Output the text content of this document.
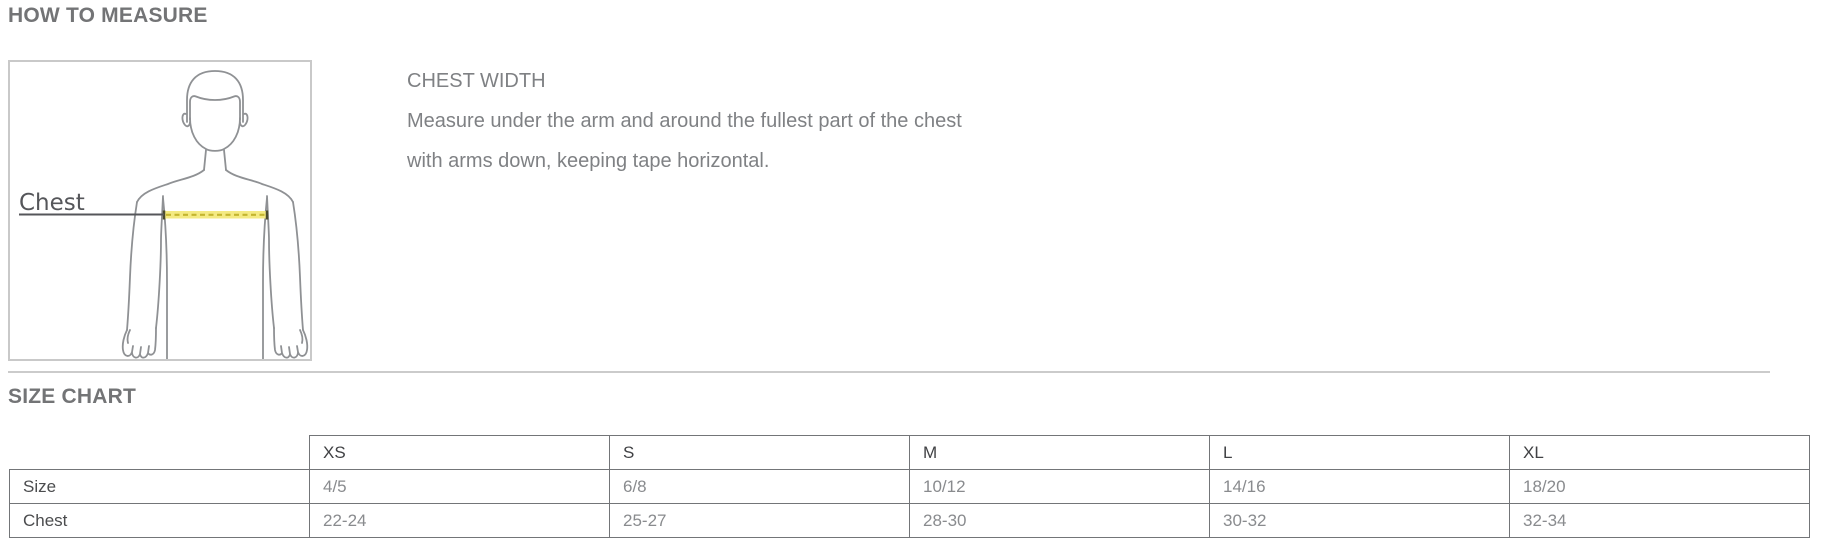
HOW TO MEASURE
Chest
CHEST WIDTH
Measure under the arm and around the fullest part of the chest
with arms down, keeping tape horizontal.
SIZE CHART
	XS	S	M	L	XL
Size	4/5	6/8	10/12	14/16	18/20
Chest	22-24	25-27	28-30	30-32	32-34
